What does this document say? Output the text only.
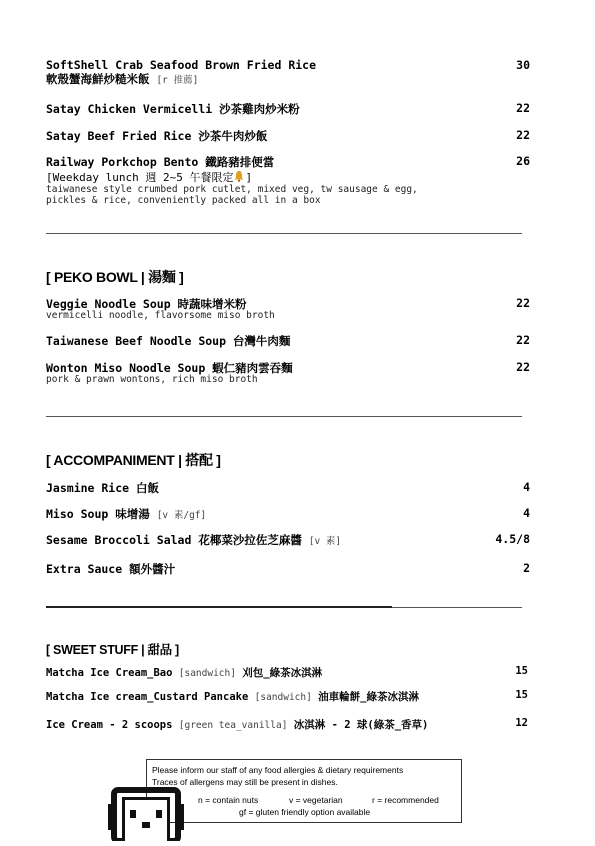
SoftShell Crab Seafood Brown Fried Rice	30
軟殼蟹海鮮炒糙米飯 [r 推薦]
Satay Chicken Vermicelli 沙茶雞肉炒米粉	22
Satay Beef Fried Rice 沙茶牛肉炒飯	22
Railway Porkchop Bento 鐵路豬排便當	26
[Weekday lunch 週 2~5 午餐限定 ]
taiwanese style crumbed pork cutlet, mixed veg, tw sausage & egg,
pickles & rice, conveniently packed all in a box
[ PEKO BOWL | 湯麵 ]
Veggie Noodle Soup 時蔬味增米粉	22
vermicelli noodle, flavorsome miso broth
Taiwanese Beef Noodle Soup 台灣牛肉麵	22
Wonton Miso Noodle Soup 蝦仁豬肉雲吞麵	22
pork & prawn wontons, rich miso broth
[ ACCOMPANIMENT | 搭配 ]
Jasmine Rice 白飯	4
Miso Soup 味增湯 [v 素/gf]	4
Sesame Broccoli Salad 花椰菜沙拉佐芝麻醬 [v 素]	4.5/8
Extra Sauce 額外醬汁	2
[ SWEET STUFF | 甜品 ]
Matcha Ice Cream_Bao [sandwich] 刈包_綠茶冰淇淋	15
Matcha Ice cream_Custard Pancake [sandwich] 油車輪餅_綠茶冰淇淋	15
Ice Cream - 2 scoops [green tea_vanilla] 冰淇淋 - 2 球(綠茶_香草)	12
Please inform our staff of any food allergies & dietary requirements
Traces of allergens may still be present in dishes.
n = contain nuts	v = vegetarian	r = recommended
gf = gluten friendly option available
